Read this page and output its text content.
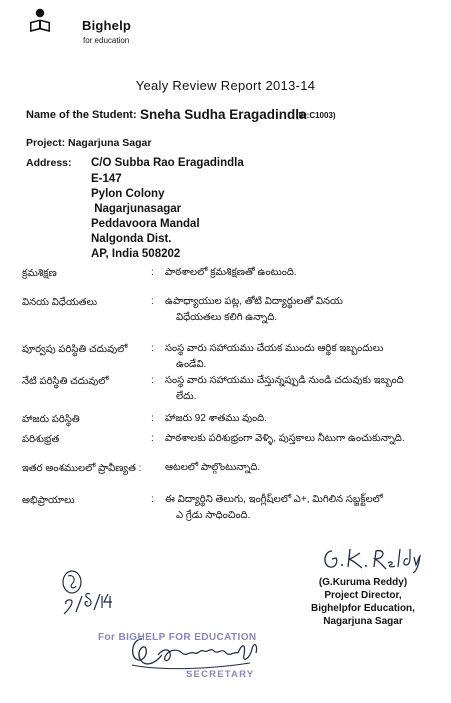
Bighelp
for education
Yealy Review Report 2013-14
Name of the Student: Sneha Sudha Eragadindla
(ID:C1003)
Project: Nagarjuna Sagar
Address: C/O Subba Rao Eragadindla
E-147
Pylon Colony
Nagarjunasagar
Peddavoora Mandal
Nalgonda Dist.
AP, India 508202
క్రమశిక్షణ	: పాఠశాలలో క్రమశిక్షణతో ఉంటుంది.
వినయ విధేయతలు	: ఉపాధ్యాయుల పట్ల, తోటి విద్యార్థులతో వినయ
విధేయతలు కలిగి ఉన్నాది.
పూర్వపు పరిస్థితి చదువులో : సంస్థ వారు సహాయము చేయక ముందు ఆర్థిక ఇబ్బందులు
ఉండేవి.
నేటి పరిస్థితి చదువులో	: సంస్థ వారు సహాయము చేస్తున్నప్పుడి నుండి చదువుకు ఇబ్బంది
లేదు.
హాజరు పరిస్థితి	: హాజరు 92 శాతము వుంది.
పరిశుభ్రత	: పాఠశాలకు పరిశుభ్రంగా వెళ్ళి, పుస్తకాలు నీటుగా ఉంచుకున్నాది.
ఇతర అంశములలో ప్రావీణ్యత : ఆటలలో పాల్గొంటున్నాది.
అభిప్రాయాలు	: ఈ విద్యార్థిని తెలుగు, ఇంగ్లీష్‌లలో ఎ+, మిగిలిన సబ్జక్ట్‌లలో
ఎ గ్రేడు సాధించింది.
(G.Kuruma Reddy)
Project Director,
Bighelpfor Education,
Nagarjuna Sagar
For BIGHELP FOR EDUCATION
SECRETARY
